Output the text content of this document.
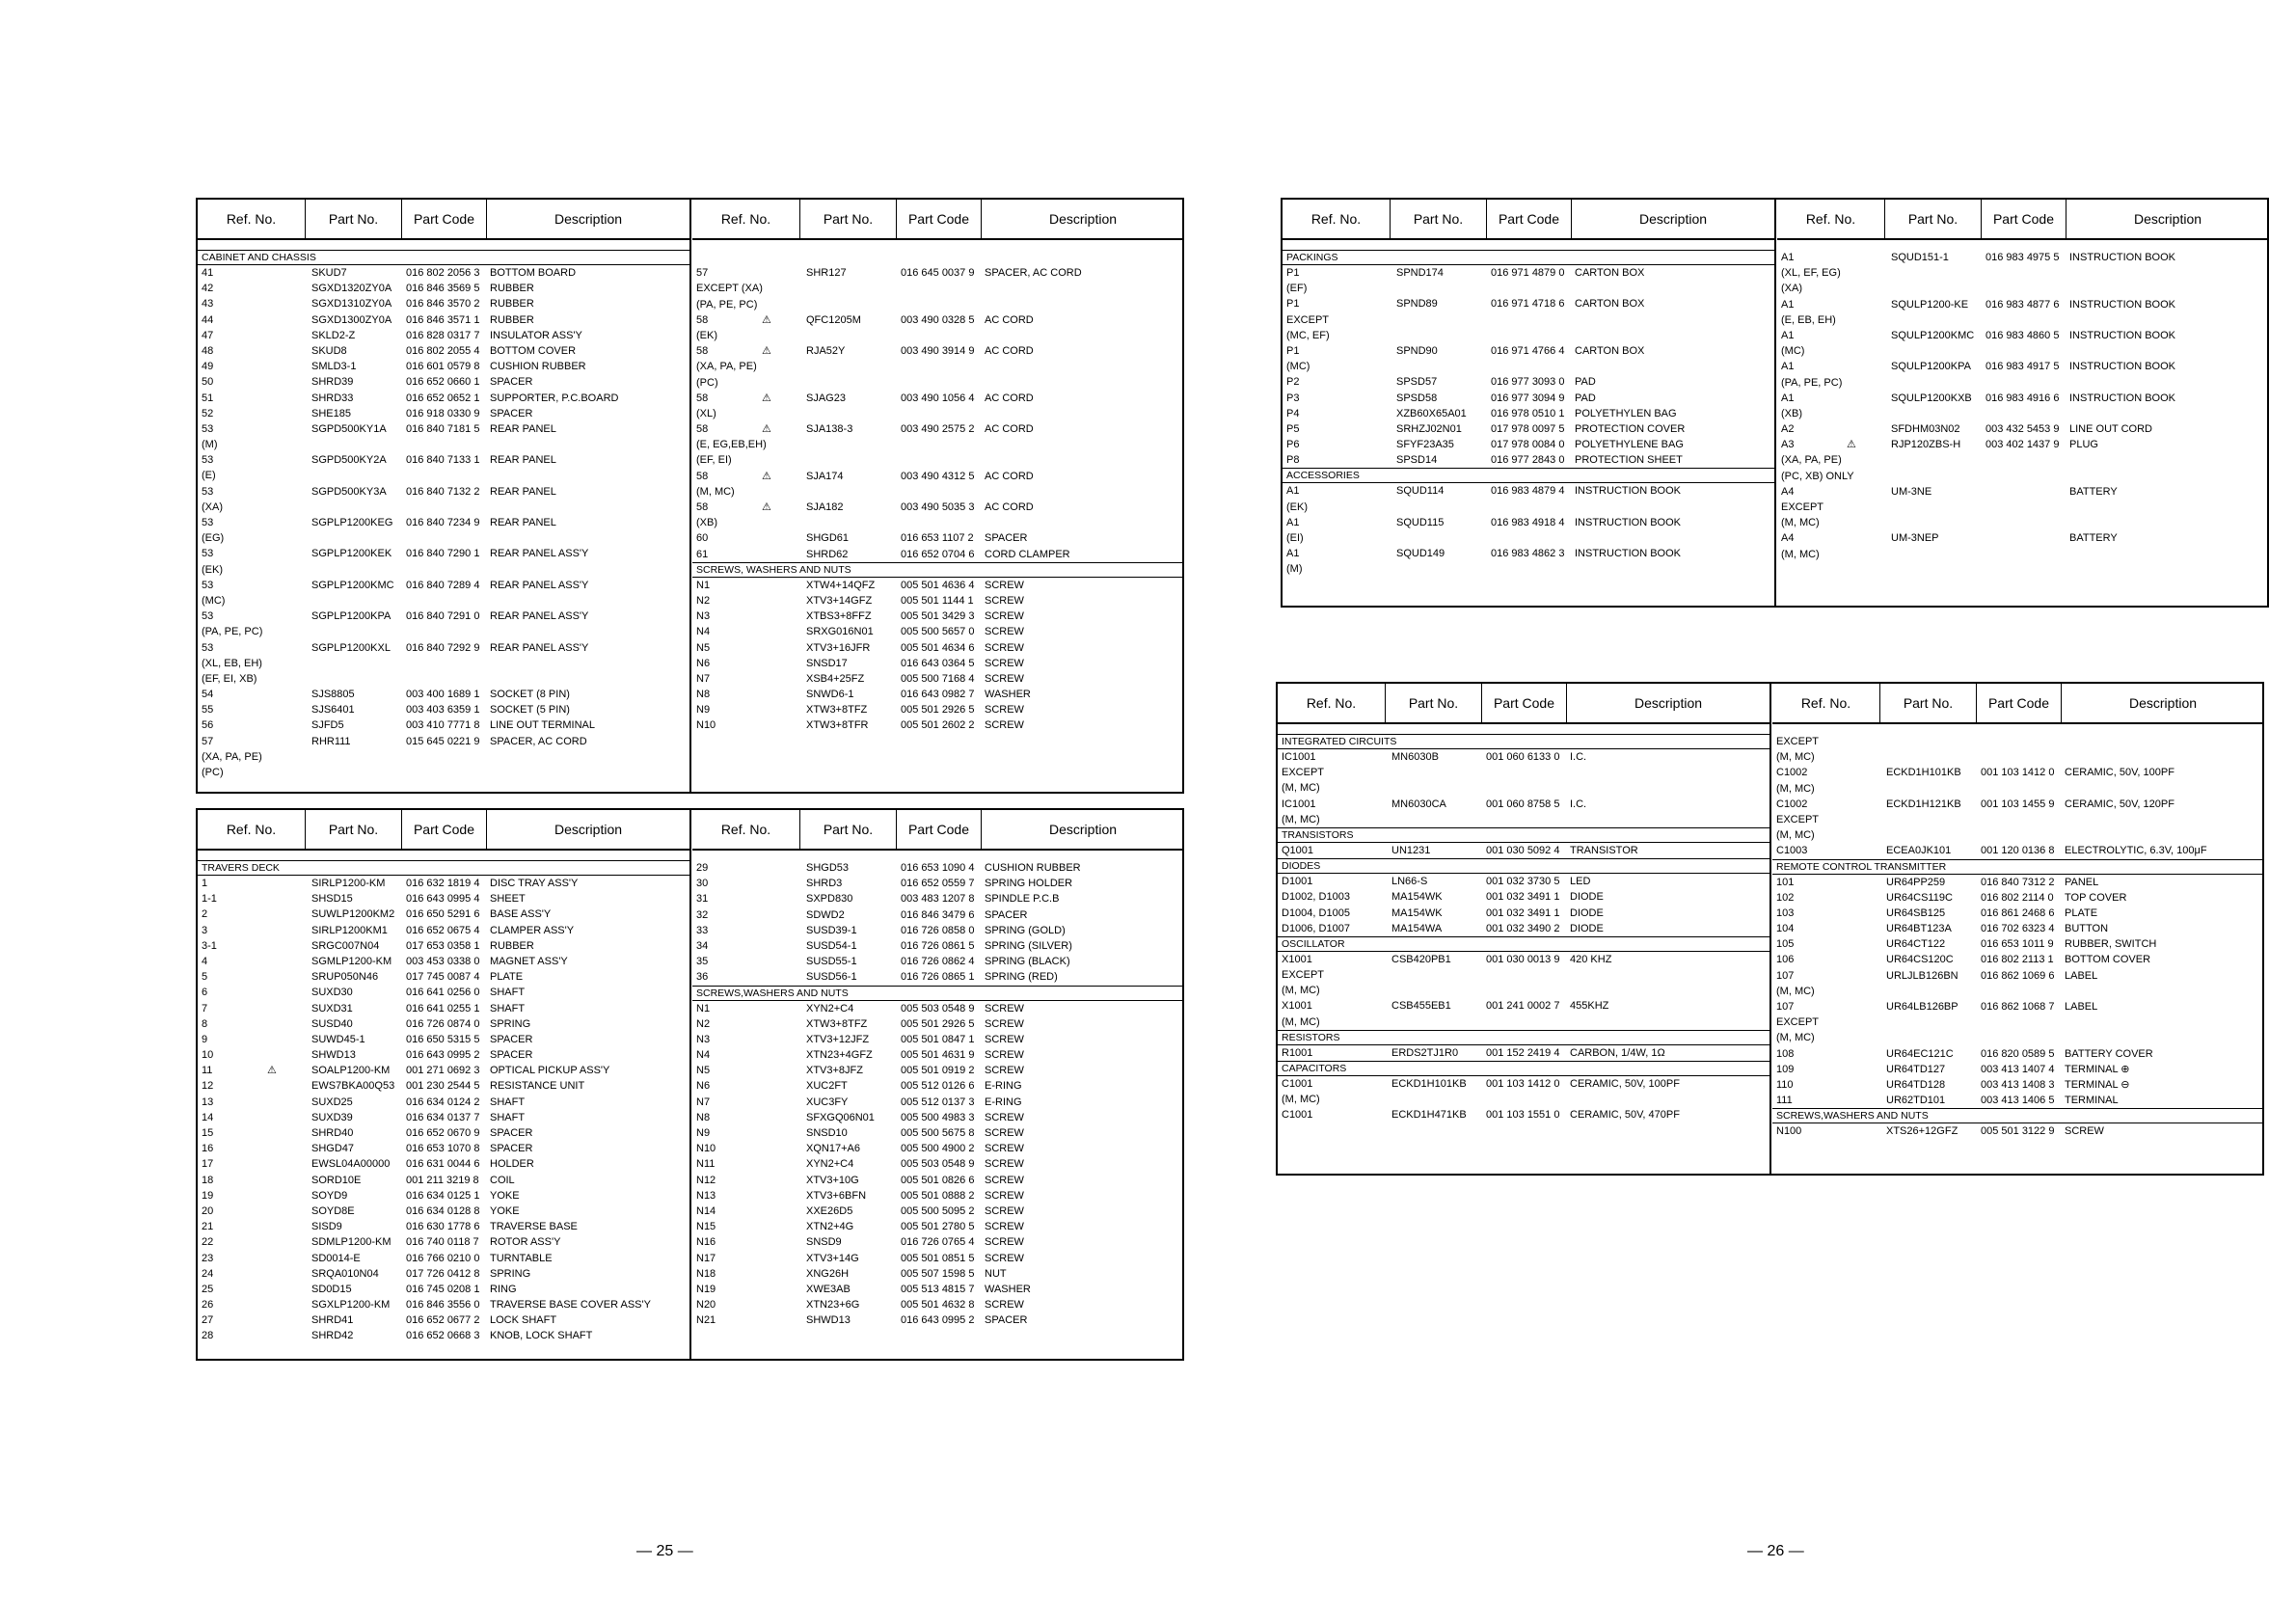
Ref. No.	Part No.	Part Code	Description
CABINET AND CHASSIS
41	SKUD7	016 802 2056 3 BOTTOM BOARD
42	SGXD1320ZY0A 016 846 3569 5 RUBBER
43	SGXD1310ZY0A 016 846 3570 2 RUBBER
44	SGXD1300ZY0A 016 846 3571 1 RUBBER
47	SKLD2-Z	016 828 0317 7 INSULATOR ASS'Y
48	SKUD8	016 802 2055 4 BOTTOM COVER
49	SMLD3-1	016 601 0579 8 CUSHION RUBBER
50	SHRD39	016 652 0660 1 SPACER
51	SHRD33	016 652 0652 1 SUPPORTER, P.C.BOARD
52	SHE185	016 918 0330 9 SPACER
53	SGPD500KY1A 016 840 7181 5 REAR PANEL
(M)
53	SGPD500KY2A 016 840 7133 1 REAR PANEL
(E)
53	SGPD500KY3A 016 840 7132 2 REAR PANEL
(XA)
53	SGPLP1200KEG 016 840 7234 9 REAR PANEL
(EG)
53	SGPLP1200KEK 016 840 7290 1 REAR PANEL ASS'Y
(EK)
53	SGPLP1200KMC 016 840 7289 4 REAR PANEL ASS'Y
(MC)
53	SGPLP1200KPA 016 840 7291 0 REAR PANEL ASS'Y
(PA, PE, PC)
53	SGPLP1200KXL 016 840 7292 9 REAR PANEL ASS'Y
(XL, EB, EH)
(EF, EI, XB)
54	SJS8805	003 400 1689 1 SOCKET (8 PIN)
55	SJS6401	003 403 6359 1 SOCKET (5 PIN)
56	SJFD5	003 410 7771 8 LINE OUT TERMINAL
57	RHR111	015 645 0221 9 SPACER, AC CORD
(XA, PA, PE)
(PC)
Ref. No.	Part No.	Part Code	Description
57	SHR127	016 645 0037 9 SPACER, AC CORD
EXCEPT (XA)
(PA, PE, PC)
58	⚠	QFC1205M	003 490 0328 5 AC CORD
(EK)
58	⚠	RJA52Y	003 490 3914 9 AC CORD
(XA, PA, PE)
(PC)
58	⚠	SJAG23	003 490 1056 4 AC CORD
(XL)
58	⚠	SJA138-3	003 490 2575 2 AC CORD
(E, EG,EB,EH)
(EF, EI)
58	⚠	SJA174	003 490 4312 5 AC CORD
(M, MC)
58	⚠	SJA182	003 490 5035 3 AC CORD
(XB)
60	SHGD61	016 653 1107 2 SPACER
61	SHRD62	016 652 0704 6 CORD CLAMPER
SCREWS, WASHERS AND NUTS
N1	XTW4+14QFZ 005 501 4636 4 SCREW
N2	XTV3+14GFZ	005 501 1144 1 SCREW
N3	XTBS3+8FFZ	005 501 3429 3 SCREW
N4	SRXG016N01	005 500 5657 0 SCREW
N5	XTV3+16JFR	005 501 4634 6 SCREW
N6	SNSD17	016 643 0364 5 SCREW
N7	XSB4+25FZ	005 500 7168 4 SCREW
N8	SNWD6-1	016 643 0982 7 WASHER
N9	XTW3+8TFZ	005 501 2926 5 SCREW
N10	XTW3+8TFR	005 501 2602 2 SCREW
Ref. No.	Part No.	Part Code	Description
TRAVERS DECK
1	SIRLP1200-KM 016 632 1819 4 DISC TRAY ASS'Y
1-1	SHSD15	016 643 0995 4 SHEET
2	SUWLP1200KM2 016 650 5291 6 BASE ASS'Y
3	SIRLP1200KM1 016 652 0675 4 CLAMPER ASS'Y
3-1	SRGC007N04	017 653 0358 1 RUBBER
4	SGMLP1200-KM 003 453 0338 0 MAGNET ASS'Y
5	SRUP050N46	017 745 0087 4 PLATE
6	SUXD30	016 641 0256 0 SHAFT
7	SUXD31	016 641 0255 1 SHAFT
8	SUSD40	016 726 0874 0 SPRING
9	SUWD45-1	016 650 5315 5 SPACER
10	SHWD13	016 643 0995 2 SPACER
11	⚠	SOALP1200-KM 001 271 0692 3 OPTICAL PICKUP ASS'Y
12	EWS7BKA00Q53 001 230 2544 5 RESISTANCE UNIT
13	SUXD25	016 634 0124 2 SHAFT
14	SUXD39	016 634 0137 7 SHAFT
15	SHRD40	016 652 0670 9 SPACER
16	SHGD47	016 653 1070 8 SPACER
17	EWSL04A00000 016 631 0044 6 HOLDER
18	SORD10E	001 211 3219 8 COIL
19	SOYD9	016 634 0125 1 YOKE
20	SOYD8E	016 634 0128 8 YOKE
21	SISD9	016 630 1778 6 TRAVERSE BASE
22	SDMLP1200-KM 016 740 0118 7 ROTOR ASS'Y
23	SD0014-E	016 766 0210 0 TURNTABLE
24	SRQA010N04	017 726 0412 8 SPRING
25	SD0D15	016 745 0208 1 RING
26	SGXLP1200-KM 016 846 3556 0 TRAVERSE BASE COVER ASS'Y
27	SHRD41	016 652 0677 2 LOCK SHAFT
28	SHRD42	016 652 0668 3 KNOB, LOCK SHAFT
Ref. No.	Part No.	Part Code	Description
29	SHGD53	016 653 1090 4 CUSHION RUBBER
30	SHRD3	016 652 0559 7 SPRING HOLDER
31	SXPD830	003 483 1207 8 SPINDLE P.C.B
32	SDWD2	016 846 3479 6 SPACER
33	SUSD39-1	016 726 0858 0 SPRING (GOLD)
34	SUSD54-1	016 726 0861 5 SPRING (SILVER)
35	SUSD55-1	016 726 0862 4 SPRING (BLACK)
36	SUSD56-1	016 726 0865 1 SPRING (RED)
SCREWS,WASHERS AND NUTS
N1	XYN2+C4	005 503 0548 9 SCREW
N2	XTW3+8TFZ	005 501 2926 5 SCREW
N3	XTV3+12JFZ	005 501 0847 1 SCREW
N4	XTN23+4GFZ	005 501 4631 9 SCREW
N5	XTV3+8JFZ	005 501 0919 2 SCREW
N6	XUC2FT	005 512 0126 6 E-RING
N7	XUC3FY	005 512 0137 3 E-RING
N8	SFXGQ06N01 005 500 4983 3 SCREW
N9	SNSD10	005 500 5675 8 SCREW
N10	XQN17+A6	005 500 4900 2 SCREW
N11	XYN2+C4	005 503 0548 9 SCREW
N12	XTV3+10G	005 501 0826 6 SCREW
N13	XTV3+6BFN	005 501 0888 2 SCREW
N14	XXE26D5	005 500 5095 2 SCREW
N15	XTN2+4G	005 501 2780 5 SCREW
N16	SNSD9	016 726 0765 4 SCREW
N17	XTV3+14G	005 501 0851 5 SCREW
N18	XNG26H	005 507 1598 5 NUT
N19	XWE3AB	005 513 4815 7 WASHER
N20	XTN23+6G	005 501 4632 8 SCREW
N21	SHWD13	016 643 0995 2 SPACER
Ref. No.	Part No.	Part Code	Description
PACKINGS
P1	SPND174	016 971 4879 0 CARTON BOX
(EF)
P1	SPND89	016 971 4718 6 CARTON BOX
EXCEPT
(MC, EF)
P1	SPND90	016 971 4766 4 CARTON BOX
(MC)
P2	SPSD57	016 977 3093 0 PAD
P3	SPSD58	016 977 3094 9 PAD
P4	XZB60X65A01 016 978 0510 1 POLYETHYLEN BAG
P5	SRHZJ02N01	017 978 0097 5 PROTECTION COVER
P6	SFYF23A35	017 978 0084 0 POLYETHYLENE BAG
P8	SPSD14	016 977 2843 0 PROTECTION SHEET
ACCESSORIES
A1	SQUD114	016 983 4879 4 INSTRUCTION BOOK
(EK)
A1	SQUD115	016 983 4918 4 INSTRUCTION BOOK
(EI)
A1	SQUD149	016 983 4862 3 INSTRUCTION BOOK
(M)
Ref. No.	Part No.	Part Code	Description
A1	SQUD151-1	016 983 4975 5 INSTRUCTION BOOK
(XL, EF, EG)
(XA)
A1	SQULP1200-KE 016 983 4877 6 INSTRUCTION BOOK
(E, EB, EH)
A1	SQULP1200KMC 016 983 4860 5 INSTRUCTION BOOK
(MC)
A1	SQULP1200KPA 016 983 4917 5 INSTRUCTION BOOK
(PA, PE, PC)
A1	SQULP1200KXB 016 983 4916 6 INSTRUCTION BOOK
(XB)
A2	SFDHM03N02 003 432 5453 9 LINE OUT CORD
A3	⚠	RJP120ZBS-H 003 402 1437 9 PLUG
(XA, PA, PE)
(PC, XB) ONLY
A4	UM-3NE	BATTERY
EXCEPT
(M, MC)
A4	UM-3NEP	BATTERY
(M, MC)
Ref. No.	Part No.	Part Code	Description
INTEGRATED CIRCUITS
IC1001	MN6030B	001 060 6133 0 I.C.
EXCEPT
(M, MC)
IC1001	MN6030CA	001 060 8758 5 I.C.
(M, MC)
TRANSISTORS
Q1001	UN1231	001 030 5092 4 TRANSISTOR
DIODES
D1001	LN66-S	001 032 3730 5 LED
D1002, D1003	MA154WK	001 032 3491 1 DIODE
D1004, D1005	MA154WK	001 032 3491 1 DIODE
D1006, D1007	MA154WA	001 032 3490 2 DIODE
OSCILLATOR
X1001	CSB420PB1	001 030 0013 9 420 KHZ
EXCEPT
(M, MC)
X1001	CSB455EB1	001 241 0002 7 455KHZ
(M, MC)
RESISTORS
R1001	ERDS2TJ1R0	001 152 2419 4 CARBON, 1/4W, 1Ω
CAPACITORS
C1001	ECKD1H101KB 001 103 1412 0 CERAMIC, 50V, 100PF
(M, MC)
C1001	ECKD1H471KB 001 103 1551 0 CERAMIC, 50V, 470PF
Ref. No.	Part No.	Part Code	Description
EXCEPT
(M, MC)
C1002	ECKD1H101KB 001 103 1412 0 CERAMIC, 50V, 100PF
(M, MC)
C1002	ECKD1H121KB 001 103 1455 9 CERAMIC, 50V, 120PF
EXCEPT
(M, MC)
C1003	ECEA0JK101	001 120 0136 8 ELECTROLYTIC, 6.3V, 100μF
REMOTE CONTROL TRANSMITTER
101	UR64PP259	016 840 7312 2 PANEL
102	UR64CS119C	016 802 2114 0 TOP COVER
103	UR64SB125	016 861 2468 6 PLATE
104	UR64BT123A	016 702 6323 4 BUTTON
105	UR64CT122	016 653 1011 9 RUBBER, SWITCH
106	UR64CS120C	016 802 2113 1 BOTTOM COVER
107	URLJLB126BN 016 862 1069 6 LABEL
(M, MC)
107	UR64LB126BP 016 862 1068 7 LABEL
EXCEPT
(M, MC)
108	UR64EC121C	016 820 0589 5 BATTERY COVER
109	UR64TD127	003 413 1407 4 TERMINAL ⊕
110	UR64TD128	003 413 1408 3 TERMINAL ⊖
111	UR62TD101	003 413 1406 5 TERMINAL
SCREWS,WASHERS AND NUTS
N100	XTS26+12GFZ 005 501 3122 9 SCREW
— 25 —	— 26 —
